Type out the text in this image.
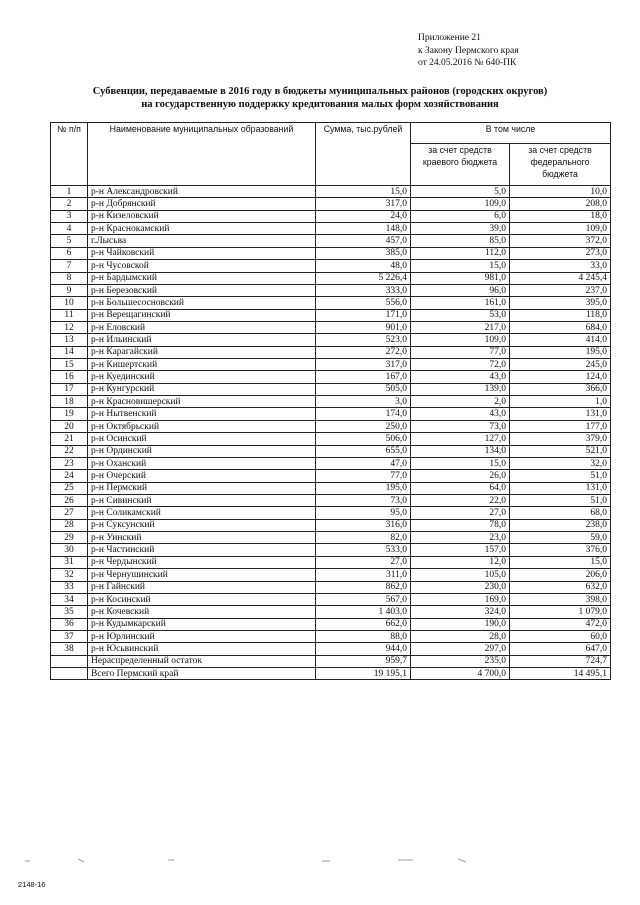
Приложение 21
к Закону Пермского края
от 24.05.2016 № 640-ПК
Субвенции, передаваемые в 2016 году в бюджеты муниципальных районов (городских округов)
на государственную поддержку кредитования малых форм хозяйствования
№ п/п	Наименование муниципальных образований	Сумма, тыс.рублей	В том числе	
			за счет средств краевого бюджета	за счет средств федерального бюджета
1	р-н Александровский	15,0	5,0	10,0
2	р-н Добрянский	317,0	109,0	208,0
3	р-н Кизеловский	24,0	6,0	18,0
4	р-н Краснокамский	148,0	39,0	109,0
5	г.Лысьва	457,0	85,0	372,0
6	р-н Чайковский	385,0	112,0	273,0
7	р-н Чусовской	48,0	15,0	33,0
8	р-н Бардымский	5 226,4	981,0	4 245,4
9	р-н Березовский	333,0	96,0	237,0
10	р-н Большесосновский	556,0	161,0	395,0
11	р-н Верещагинский	171,0	53,0	118,0
12	р-н Еловский	901,0	217,0	684,0
13	р-н Ильинский	523,0	109,0	414,0
14	р-н Карагайский	272,0	77,0	195,0
15	р-н Кишертский	317,0	72,0	245,0
16	р-н Куединский	167,0	43,0	124,0
17	р-н Кунгурский	505,0	139,0	366,0
18	р-н Красновишерский	3,0	2,0	1,0
19	р-н Нытвенский	174,0	43,0	131,0
20	р-н Октябрьский	250,0	73,0	177,0
21	р-н Осинский	506,0	127,0	379,0
22	р-н Ординский	655,0	134,0	521,0
23	р-н Оханский	47,0	15,0	32,0
24	р-н Очерский	77,0	26,0	51,0
25	р-н Пермский	195,0	64,0	131,0
26	р-н Сивинский	73,0	22,0	51,0
27	р-н Соликамский	95,0	27,0	68,0
28	р-н Суксунский	316,0	78,0	238,0
29	р-н Уинский	82,0	23,0	59,0
30	р-н Частинский	533,0	157,0	376,0
31	р-н Чердынский	27,0	12,0	15,0
32	р-н Чернушинский	311,0	105,0	206,0
33	р-н Гайнский	862,0	230,0	632,0
34	р-н Косинский	567,0	169,0	398,0
35	р-н Кочевский	1 403,0	324,0	1 079,0
36	р-н Кудымкарский	662,0	190,0	472,0
37	р-н Юрлинский	88,0	28,0	60,0
38	р-н Юсьвинский	944,0	297,0	647,0
	Нераспределенный остаток	959,7	235,0	724,7
	Всего Пермский край	19 195,1	4 700,0	14 495,1
2148-16
